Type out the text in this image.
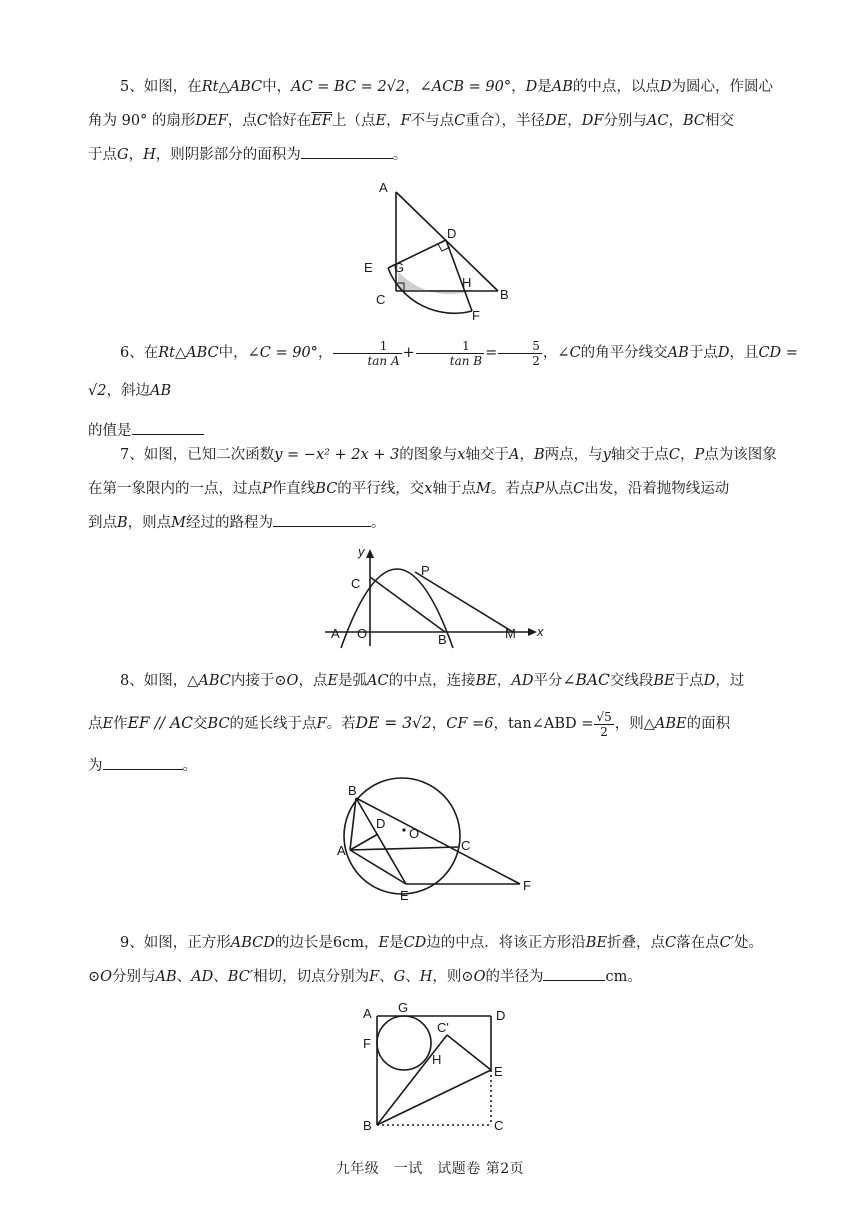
5、如图，在Rt△ABC中，AC = BC = 2√2，∠ACB = 90°，D是AB的中点，以点D为圆心，作圆心

角为 90° 的扇形DEF，点C恰好在$\overline{EF}$上（点E，F不与点C重合），半径DE，DF分别与AC，BC相交

于点G，H，则阴影部分的面积为	。

A
D
E G
C
H
B
F

6、在Rt△ABC中，∠C = 90°， $\frac{1}{\text{tan A}} + \frac{1}{\text{tan B}} = \frac{5}{2}$ ，∠C的角平分线交AB于点D，且CD = √2，斜边AB

的值是

7、如图，已知二次函数y = −x² + 2x + 3的图象与x轴交于A，B两点，与y轴交于点C，P点为该图象

在第一象限内的一点，过点P作直线BC的平行线，交x轴于点M。若点P从点C出发，沿着抛物线运动

到点B，则点M经过的路程为	。

y
C
P
A O	B	M x

8、如图，△ABC内接于⊙O，点E是弧AC的中点，连接BE，AD平分∠BAC交线段BE于点D，过

点E作EF // AC交BC的延长线于点F。若DE = 3√2，CF =6，tan∠ABD = $\frac{√5}{2}$ ，则△ABE的面积

为	。

B
D
O
A	C
E
F

9、如图，正方形ABCD的边长是6cm，E是CD边的中点．将该正方形沿BE折叠，点C落在点C′处。

⊙O分别与AB、AD、BC′相切，切点分别为F、G、H，则⊙O的半径为	cm。

A G
D
C'
F
H
E
B	C
九年级　一试　试题卷 第2页
